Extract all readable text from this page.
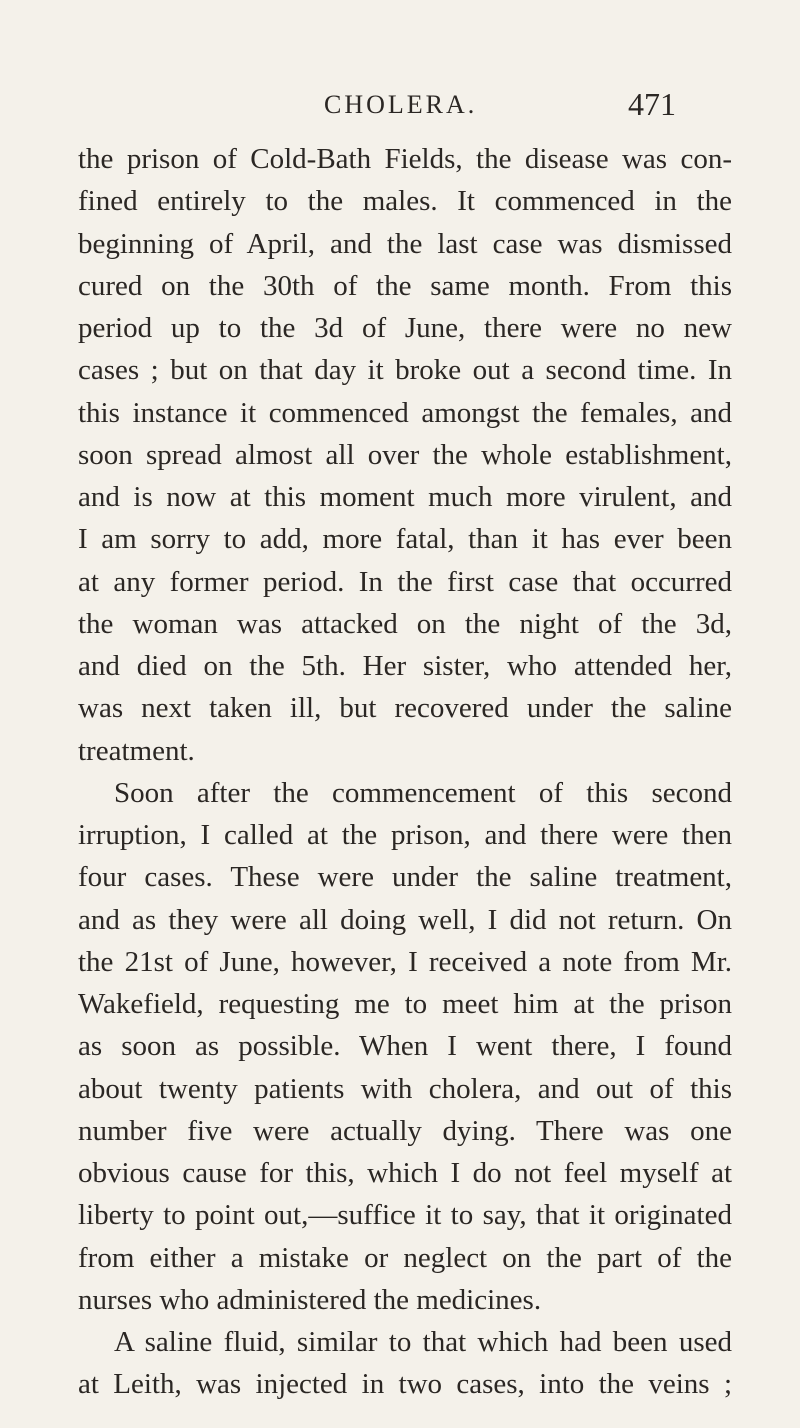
CHOLERA.	471
the prison of Cold-Bath Fields, the disease was con-
fined entirely to the males. It commenced in the
beginning of April, and the last case was dismissed
cured on the 30th of the same month. From this
period up to the 3d of June, there were no new
cases ; but on that day it broke out a second time. In
this instance it commenced amongst the females, and
soon spread almost all over the whole establishment,
and is now at this moment much more virulent, and
I am sorry to add, more fatal, than it has ever been
at any former period. In the first case that occurred
the woman was attacked on the night of the 3d,
and died on the 5th. Her sister, who attended her,
was next taken ill, but recovered under the saline
treatment.
Soon after the commencement of this second
irruption, I called at the prison, and there were then
four cases. These were under the saline treatment,
and as they were all doing well, I did not return. On
the 21st of June, however, I received a note from Mr.
Wakefield, requesting me to meet him at the prison
as soon as possible. When I went there, I found
about twenty patients with cholera, and out of this
number five were actually dying. There was one
obvious cause for this, which I do not feel myself at
liberty to point out,—suffice it to say, that it originated
from either a mistake or neglect on the part of the
nurses who administered the medicines.
A saline fluid, similar to that which had been used
at Leith, was injected in two cases, into the veins ;
